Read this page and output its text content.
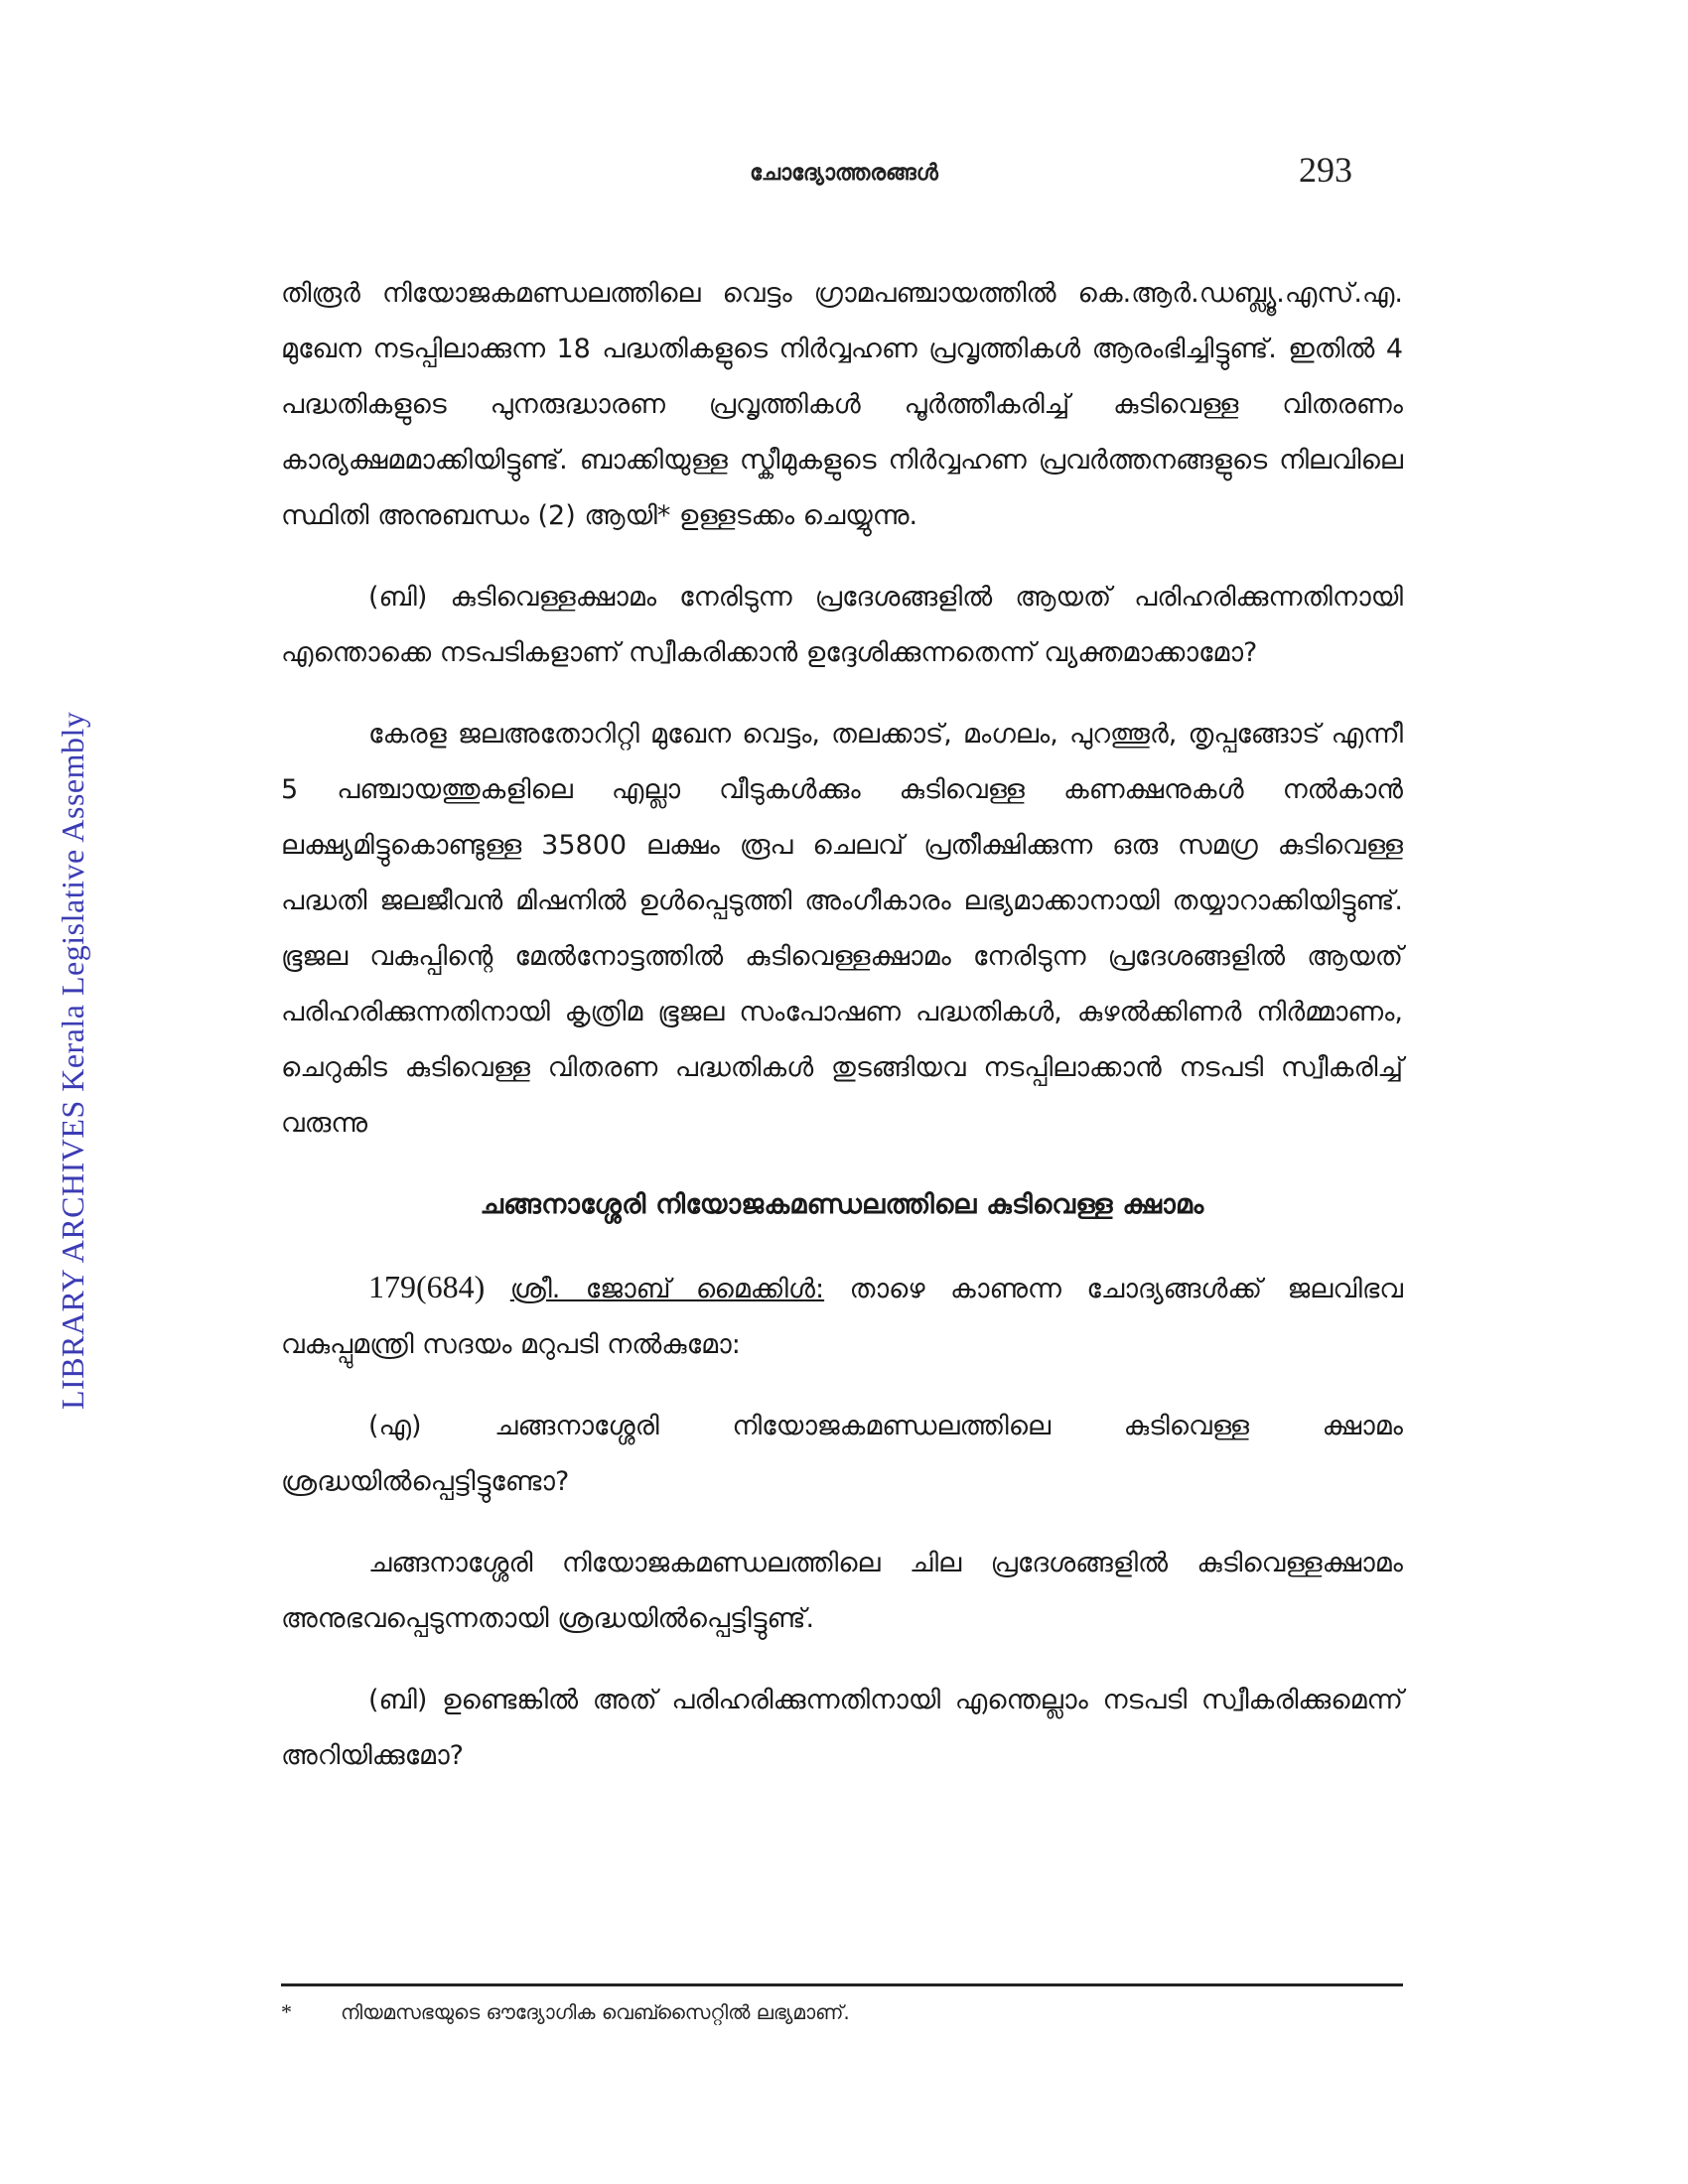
LIBRARY ARCHIVES Kerala Legislative Assembly
ചോദ്യോത്തരങ്ങൾ	293

തിരൂർ നിയോജകമണ്ഡലത്തിലെ വെട്ടം ഗ്രാമപഞ്ചായത്തിൽ കെ.ആർ.ഡബ്ല്യൂ.എസ്.എ. മുഖേന നടപ്പിലാക്കുന്ന 18 പദ്ധതികളുടെ നിർവ്വഹണ പ്രവൃത്തികൾ ആരംഭിച്ചിട്ടുണ്ട്. ഇതിൽ 4 പദ്ധതികളുടെ പുനരുദ്ധാരണ പ്രവൃത്തികൾ പൂർത്തീകരിച്ച് കുടിവെള്ള വിതരണം കാര്യക്ഷമമാക്കിയിട്ടുണ്ട്. ബാക്കിയുള്ള സ്കീമുകളുടെ നിർവ്വഹണ പ്രവർത്തനങ്ങളുടെ നിലവിലെ സ്ഥിതി അനുബന്ധം (2) ആയി* ഉള്ളടക്കം ചെയ്യുന്നു.

(ബി) കുടിവെള്ളക്ഷാമം നേരിടുന്ന പ്രദേശങ്ങളിൽ ആയത് പരിഹരിക്കുന്നതിനായി എന്തൊക്കെ നടപടികളാണ് സ്വീകരിക്കാൻ ഉദ്ദേശിക്കുന്നതെന്ന് വ്യക്തമാക്കാമോ?

കേരള ജലഅതോറിറ്റി മുഖേന വെട്ടം, തലക്കാട്, മംഗലം, പുറത്തൂർ, തൃപ്പങ്ങോട് എന്നീ 5 പഞ്ചായത്തുകളിലെ എല്ലാ വീടുകൾക്കും കുടിവെള്ള കണക്ഷനുകൾ നൽകാൻ ലക്ഷ്യമിട്ടുകൊണ്ടുള്ള 35800 ലക്ഷം രൂപ ചെലവ് പ്രതീക്ഷിക്കുന്ന ഒരു സമഗ്ര കുടിവെള്ള പദ്ധതി ജലജീവൻ മിഷനിൽ ഉൾപ്പെടുത്തി അംഗീകാരം ലഭ്യമാക്കാനായി തയ്യാറാക്കിയിട്ടുണ്ട്. ഭൂജല വകുപ്പിന്റെ മേൽനോട്ടത്തിൽ കുടിവെള്ളക്ഷാമം നേരിടുന്ന പ്രദേശങ്ങളിൽ ആയത് പരിഹരിക്കുന്നതിനായി കൃത്രിമ ഭൂജല സംപോഷണ പദ്ധതികൾ, കുഴൽക്കിണർ നിർമ്മാണം, ചെറുകിട കുടിവെള്ള വിതരണ പദ്ധതികൾ തുടങ്ങിയവ നടപ്പിലാക്കാൻ നടപടി സ്വീകരിച്ച് വരുന്നു

ചങ്ങനാശ്ശേരി നിയോജകമണ്ഡലത്തിലെ കുടിവെള്ള ക്ഷാമം

179(684) ശ്രീ. ജോബ് മൈക്കിൾ: താഴെ കാണുന്ന ചോദ്യങ്ങൾക്ക് ജലവിഭവ വകുപ്പുമന്ത്രി സദയം മറുപടി നൽകുമോ:

(എ) ചങ്ങനാശ്ശേരി നിയോജകമണ്ഡലത്തിലെ കുടിവെള്ള ക്ഷാമം ശ്രദ്ധയിൽപ്പെട്ടിട്ടുണ്ടോ?

ചങ്ങനാശ്ശേരി നിയോജകമണ്ഡലത്തിലെ ചില പ്രദേശങ്ങളിൽ കുടിവെള്ളക്ഷാമം അനുഭവപ്പെടുന്നതായി ശ്രദ്ധയിൽപ്പെട്ടിട്ടുണ്ട്.

(ബി) ഉണ്ടെങ്കിൽ അത് പരിഹരിക്കുന്നതിനായി എന്തെല്ലാം നടപടി സ്വീകരിക്കുമെന്ന് അറിയിക്കുമോ?

* നിയമസഭയുടെ ഔദ്യോഗിക വെബ്സൈറ്റിൽ ലഭ്യമാണ്.
